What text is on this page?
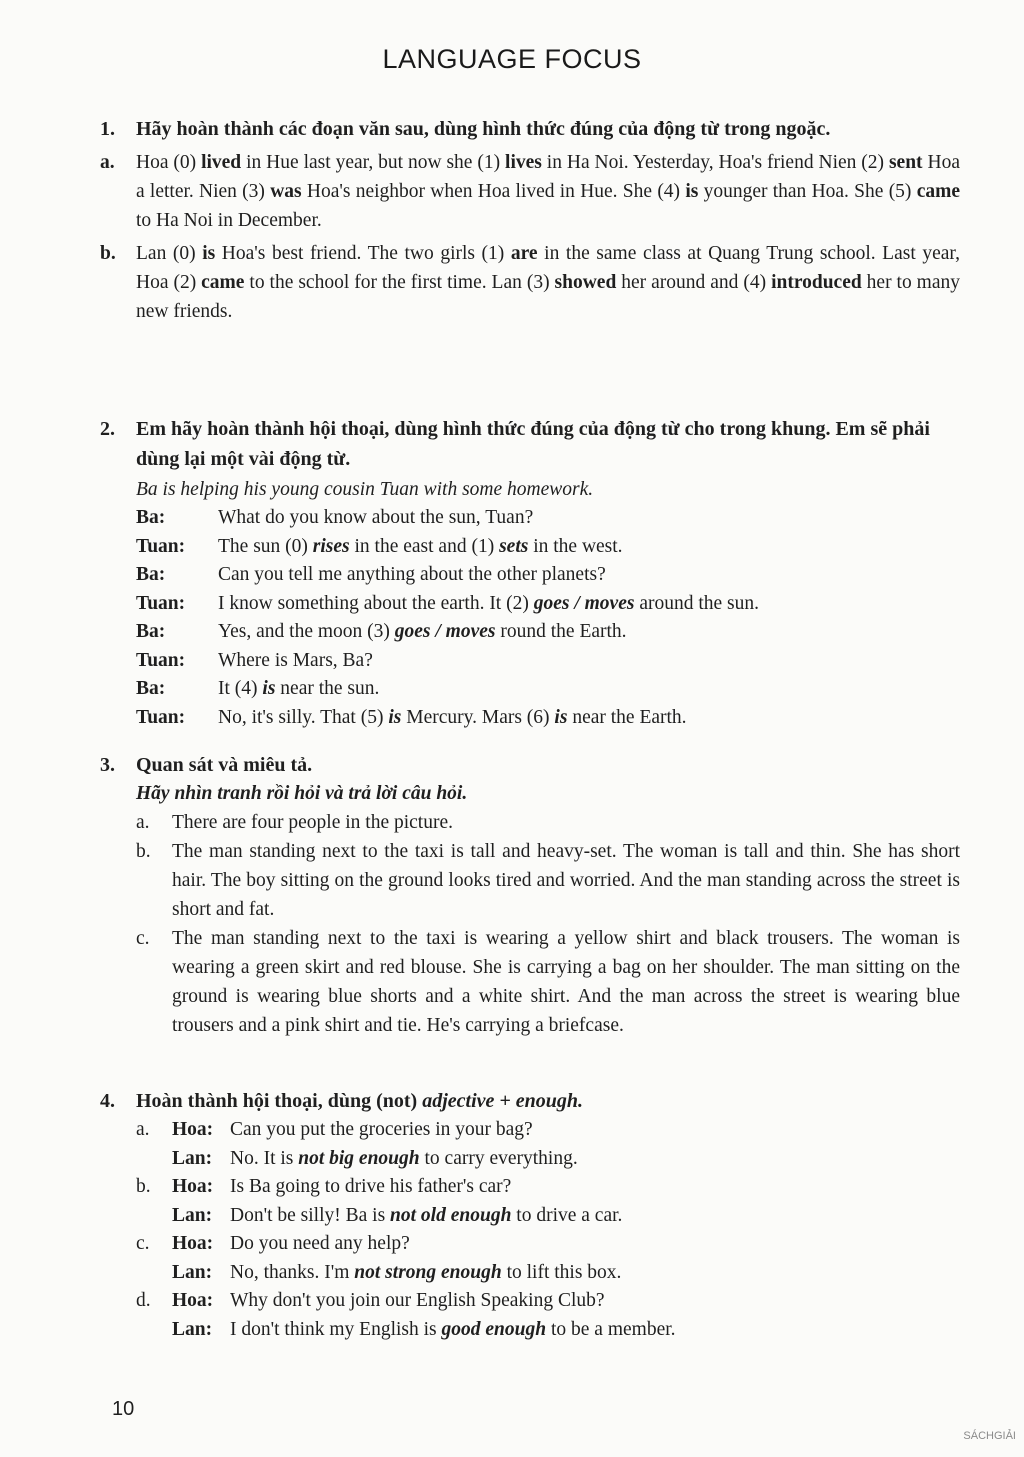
LANGUAGE FOCUS
1.	Hãy hoàn thành các đoạn văn sau, dùng hình thức đúng của động từ trong ngoặc.
a.	Hoa (0) lived in Hue last year, but now she (1) lives in Ha Noi. Yesterday, Hoa's friend Nien (2) sent Hoa a letter. Nien (3) was Hoa's neighbor when Hoa lived in Hue. She (4) is younger than Hoa. She (5) came to Ha Noi in December.
b.	Lan (0) is Hoa's best friend. The two girls (1) are in the same class at Quang Trung school. Last year, Hoa (2) came to the school for the first time. Lan (3) showed her around and (4) introduced her to many new friends.
2.	Em hãy hoàn thành hội thoại, dùng hình thức đúng của động từ cho trong khung. Em sẽ phải dùng lại một vài động từ.
Ba is helping his young cousin Tuan with some homework.
Ba:	What do you know about the sun, Tuan?
Tuan:	The sun (0) rises in the east and (1) sets in the west.
Ba:	Can you tell me anything about the other planets?
Tuan:	I know something about the earth. It (2) goes / moves around the sun.
Ba:	Yes, and the moon (3) goes / moves round the Earth.
Tuan:	Where is Mars, Ba?
Ba:	It (4) is near the sun.
Tuan:	No, it's silly. That (5) is Mercury. Mars (6) is near the Earth.
3.	Quan sát và miêu tả.
Hãy nhìn tranh rồi hỏi và trả lời câu hỏi.
a.	There are four people in the picture.
b.	The man standing next to the taxi is tall and heavy-set. The woman is tall and thin. She has short hair. The boy sitting on the ground looks tired and worried. And the man standing across the street is short and fat.
c.	The man standing next to the taxi is wearing a yellow shirt and black trousers. The woman is wearing a green skirt and red blouse. She is carrying a bag on her shoulder. The man sitting on the ground is wearing blue shorts and a white shirt. And the man across the street is wearing blue trousers and a pink shirt and tie. He's carrying a briefcase.
4.	Hoàn thành hội thoại, dùng (not) adjective + enough.
a.	Hoa: Can you put the groceries in your bag?
Lan: No. It is not big enough to carry everything.
b.	Hoa: Is Ba going to drive his father's car?
Lan: Don't be silly! Ba is not old enough to drive a car.
c.	Hoa: Do you need any help?
Lan: No, thanks. I'm not strong enough to lift this box.
d.	Hoa: Why don't you join our English Speaking Club?
Lan: I don't think my English is good enough to be a member.
10
SÁCHGIẢI
